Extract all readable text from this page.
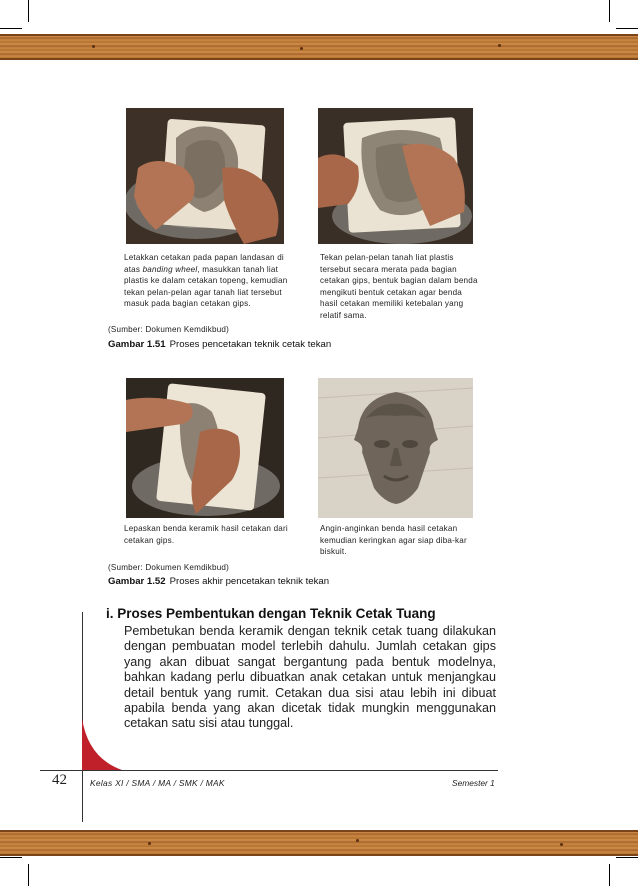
Letakkan cetakan pada papan landasan di atas banding wheel, masukkan tanah liat plastis ke dalam cetakan topeng, kemudian tekan pelan-pelan agar tanah liat tersebut masuk pada bagian cetakan gips.
Tekan pelan-pelan tanah liat plastis tersebut secara merata pada bagian cetakan gips, bentuk bagian dalam benda mengikuti bentuk cetakan agar benda hasil cetakan memiliki ketebalan yang relatif sama.
(Sumber: Dokumen Kemdikbud)
Gambar 1.51 Proses pencetakan teknik cetak tekan
Lepaskan benda keramik hasil cetakan dari cetakan gips.
Angin-anginkan benda hasil cetakan kemudian keringkan agar siap diba-kar biskuit.
(Sumber: Dokumen Kemdikbud)
Gambar 1.52 Proses akhir pencetakan teknik tekan
i. Proses Pembentukan dengan Teknik Cetak Tuang
Pembetukan benda keramik dengan teknik cetak tuang dilakukan dengan pembuatan model terlebih dahulu. Jumlah cetakan gips yang akan dibuat sangat bergantung pada bentuk modelnya, bahkan kadang perlu dibuatkan anak cetakan untuk menjangkau detail bentuk yang rumit. Cetakan dua sisi atau lebih ini dibuat apabila benda yang akan dicetak tidak mungkin menggunakan cetakan satu sisi atau tunggal.
42	Kelas XI / SMA / MA / SMK / MAK	Semester 1
